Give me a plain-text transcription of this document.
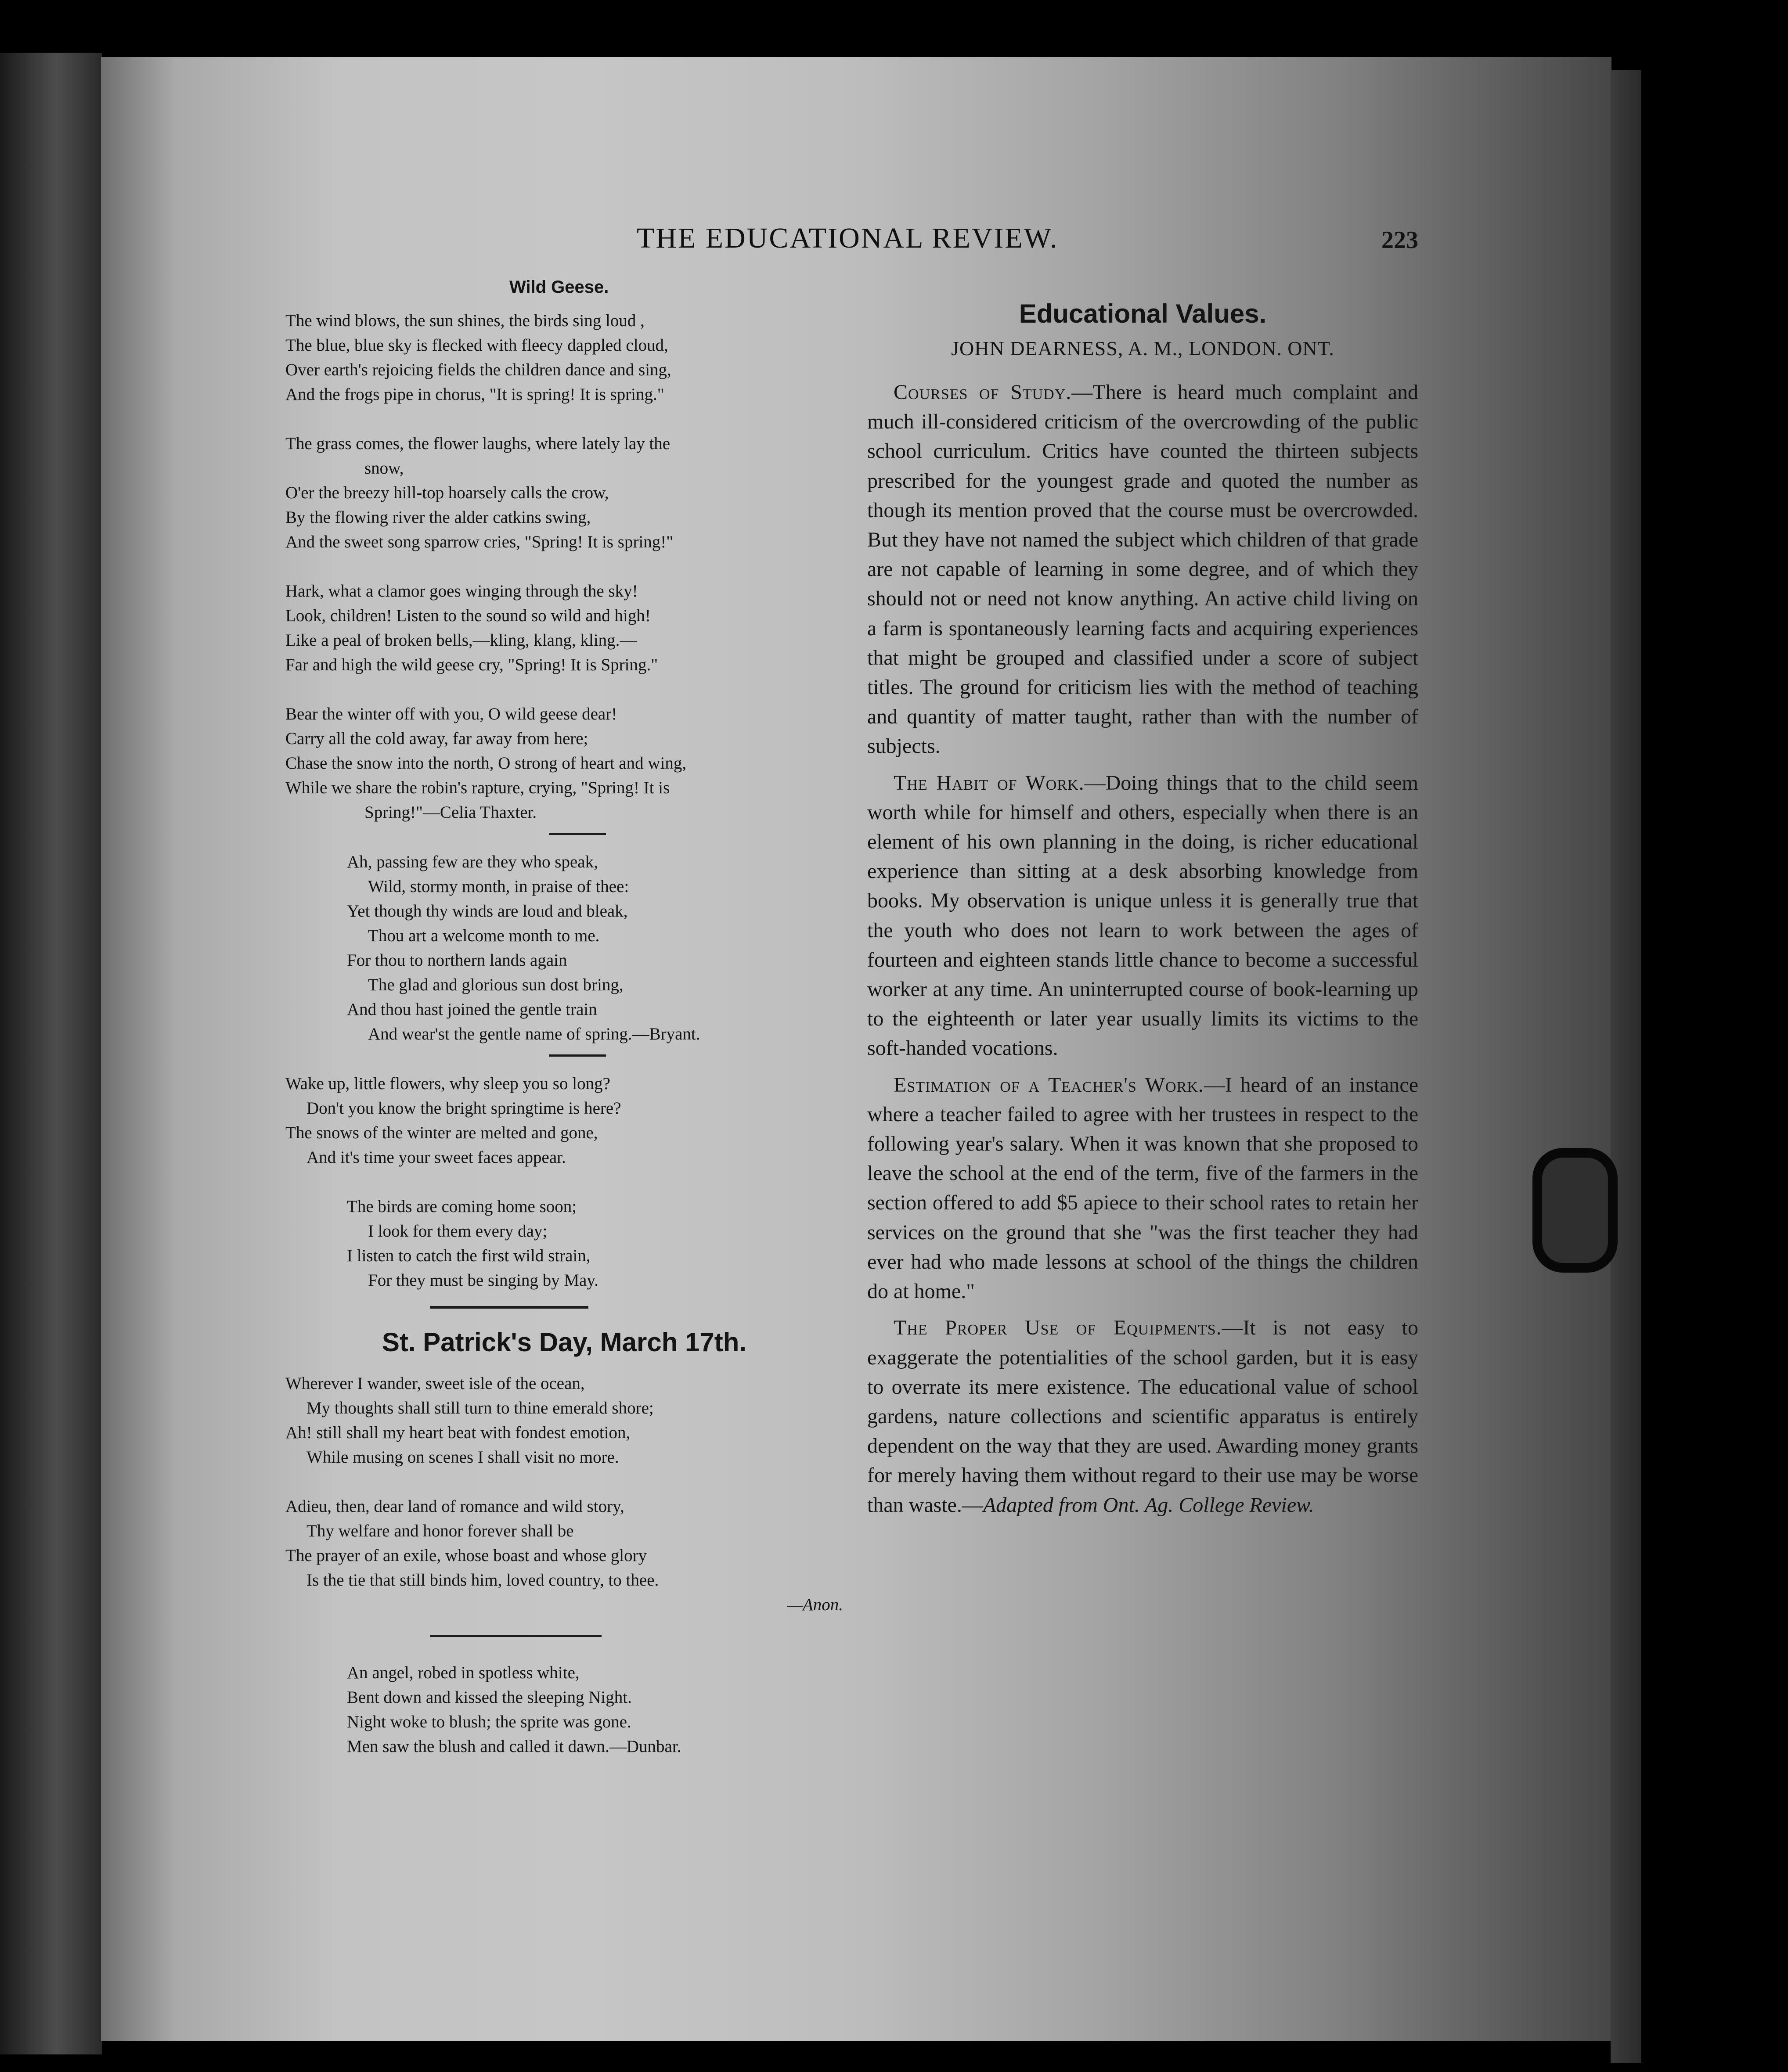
THE EDUCATIONAL REVIEW.	223
Wild Geese.
The wind blows, the sun shines, the birds sing loud ,
The blue, blue sky is flecked with fleecy dappled cloud,
Over earth's rejoicing fields the children dance and sing,
And the frogs pipe in chorus, "It is spring! It is spring."
The grass comes, the flower laughs, where lately lay the
snow,
O'er the breezy hill-top hoarsely calls the crow,
By the flowing river the alder catkins swing,
And the sweet song sparrow cries, "Spring! It is spring!"
Hark, what a clamor goes winging through the sky!
Look, children! Listen to the sound so wild and high!
Like a peal of broken bells,—kling, klang, kling.—
Far and high the wild geese cry, "Spring! It is Spring."
Bear the winter off with you, O wild geese dear!
Carry all the cold away, far away from here;
Chase the snow into the north, O strong of heart and wing,
While we share the robin's rapture, crying, "Spring! It is
Spring!"—Celia Thaxter.
Ah, passing few are they who speak,
Wild, stormy month, in praise of thee:
Yet though thy winds are loud and bleak,
Thou art a welcome month to me.
For thou to northern lands again
The glad and glorious sun dost bring,
And thou hast joined the gentle train
And wear'st the gentle name of spring.—Bryant.
Wake up, little flowers, why sleep you so long?
Don't you know the bright springtime is here?
The snows of the winter are melted and gone,
And it's time your sweet faces appear.
The birds are coming home soon;
I look for them every day;
I listen to catch the first wild strain,
For they must be singing by May.
St. Patrick's Day, March 17th.
Wherever I wander, sweet isle of the ocean,
My thoughts shall still turn to thine emerald shore;
Ah! still shall my heart beat with fondest emotion,
While musing on scenes I shall visit no more.
Adieu, then, dear land of romance and wild story,
Thy welfare and honor forever shall be
The prayer of an exile, whose boast and whose glory
Is the tie that still binds him, loved country, to thee.
—Anon.
An angel, robed in spotless white,
Bent down and kissed the sleeping Night.
Night woke to blush; the sprite was gone.
Men saw the blush and called it dawn.—Dunbar.
Educational Values.
JOHN DEARNESS, A. M., LONDON. ONT.

Courses of Study.—There is heard much complaint and much ill-considered criticism of the overcrowding of the public school curriculum. Critics have counted the thirteen subjects prescribed for the youngest grade and quoted the number as though its mention proved that the course must be overcrowded. But they have not named the subject which children of that grade are not capable of learning in some degree, and of which they should not or need not know anything. An active child living on a farm is spontaneously learning facts and acquiring experiences that might be grouped and classified under a score of subject titles. The ground for criticism lies with the method of teaching and quantity of matter taught, rather than with the number of subjects.

The Habit of Work.—Doing things that to the child seem worth while for himself and others, especially when there is an element of his own planning in the doing, is richer educational experience than sitting at a desk absorbing knowledge from books. My observation is unique unless it is generally true that the youth who does not learn to work between the ages of fourteen and eighteen stands little chance to become a successful worker at any time. An uninterrupted course of book-learning up to the eighteenth or later year usually limits its victims to the soft-handed vocations.

Estimation of a Teacher's Work.—I heard of an instance where a teacher failed to agree with her trustees in respect to the following year's salary. When it was known that she proposed to leave the school at the end of the term, five of the farmers in the section offered to add $5 apiece to their school rates to retain her services on the ground that she "was the first teacher they had ever had who made lessons at school of the things the children do at home."

The Proper Use of Equipments.—It is not easy to exaggerate the potentialities of the school garden, but it is easy to overrate its mere existence. The educational value of school gardens, nature collections and scientific apparatus is entirely dependent on the way that they are used. Awarding money grants for merely having them without regard to their use may be worse than waste.—Adapted from Ont. Ag. College Review.
